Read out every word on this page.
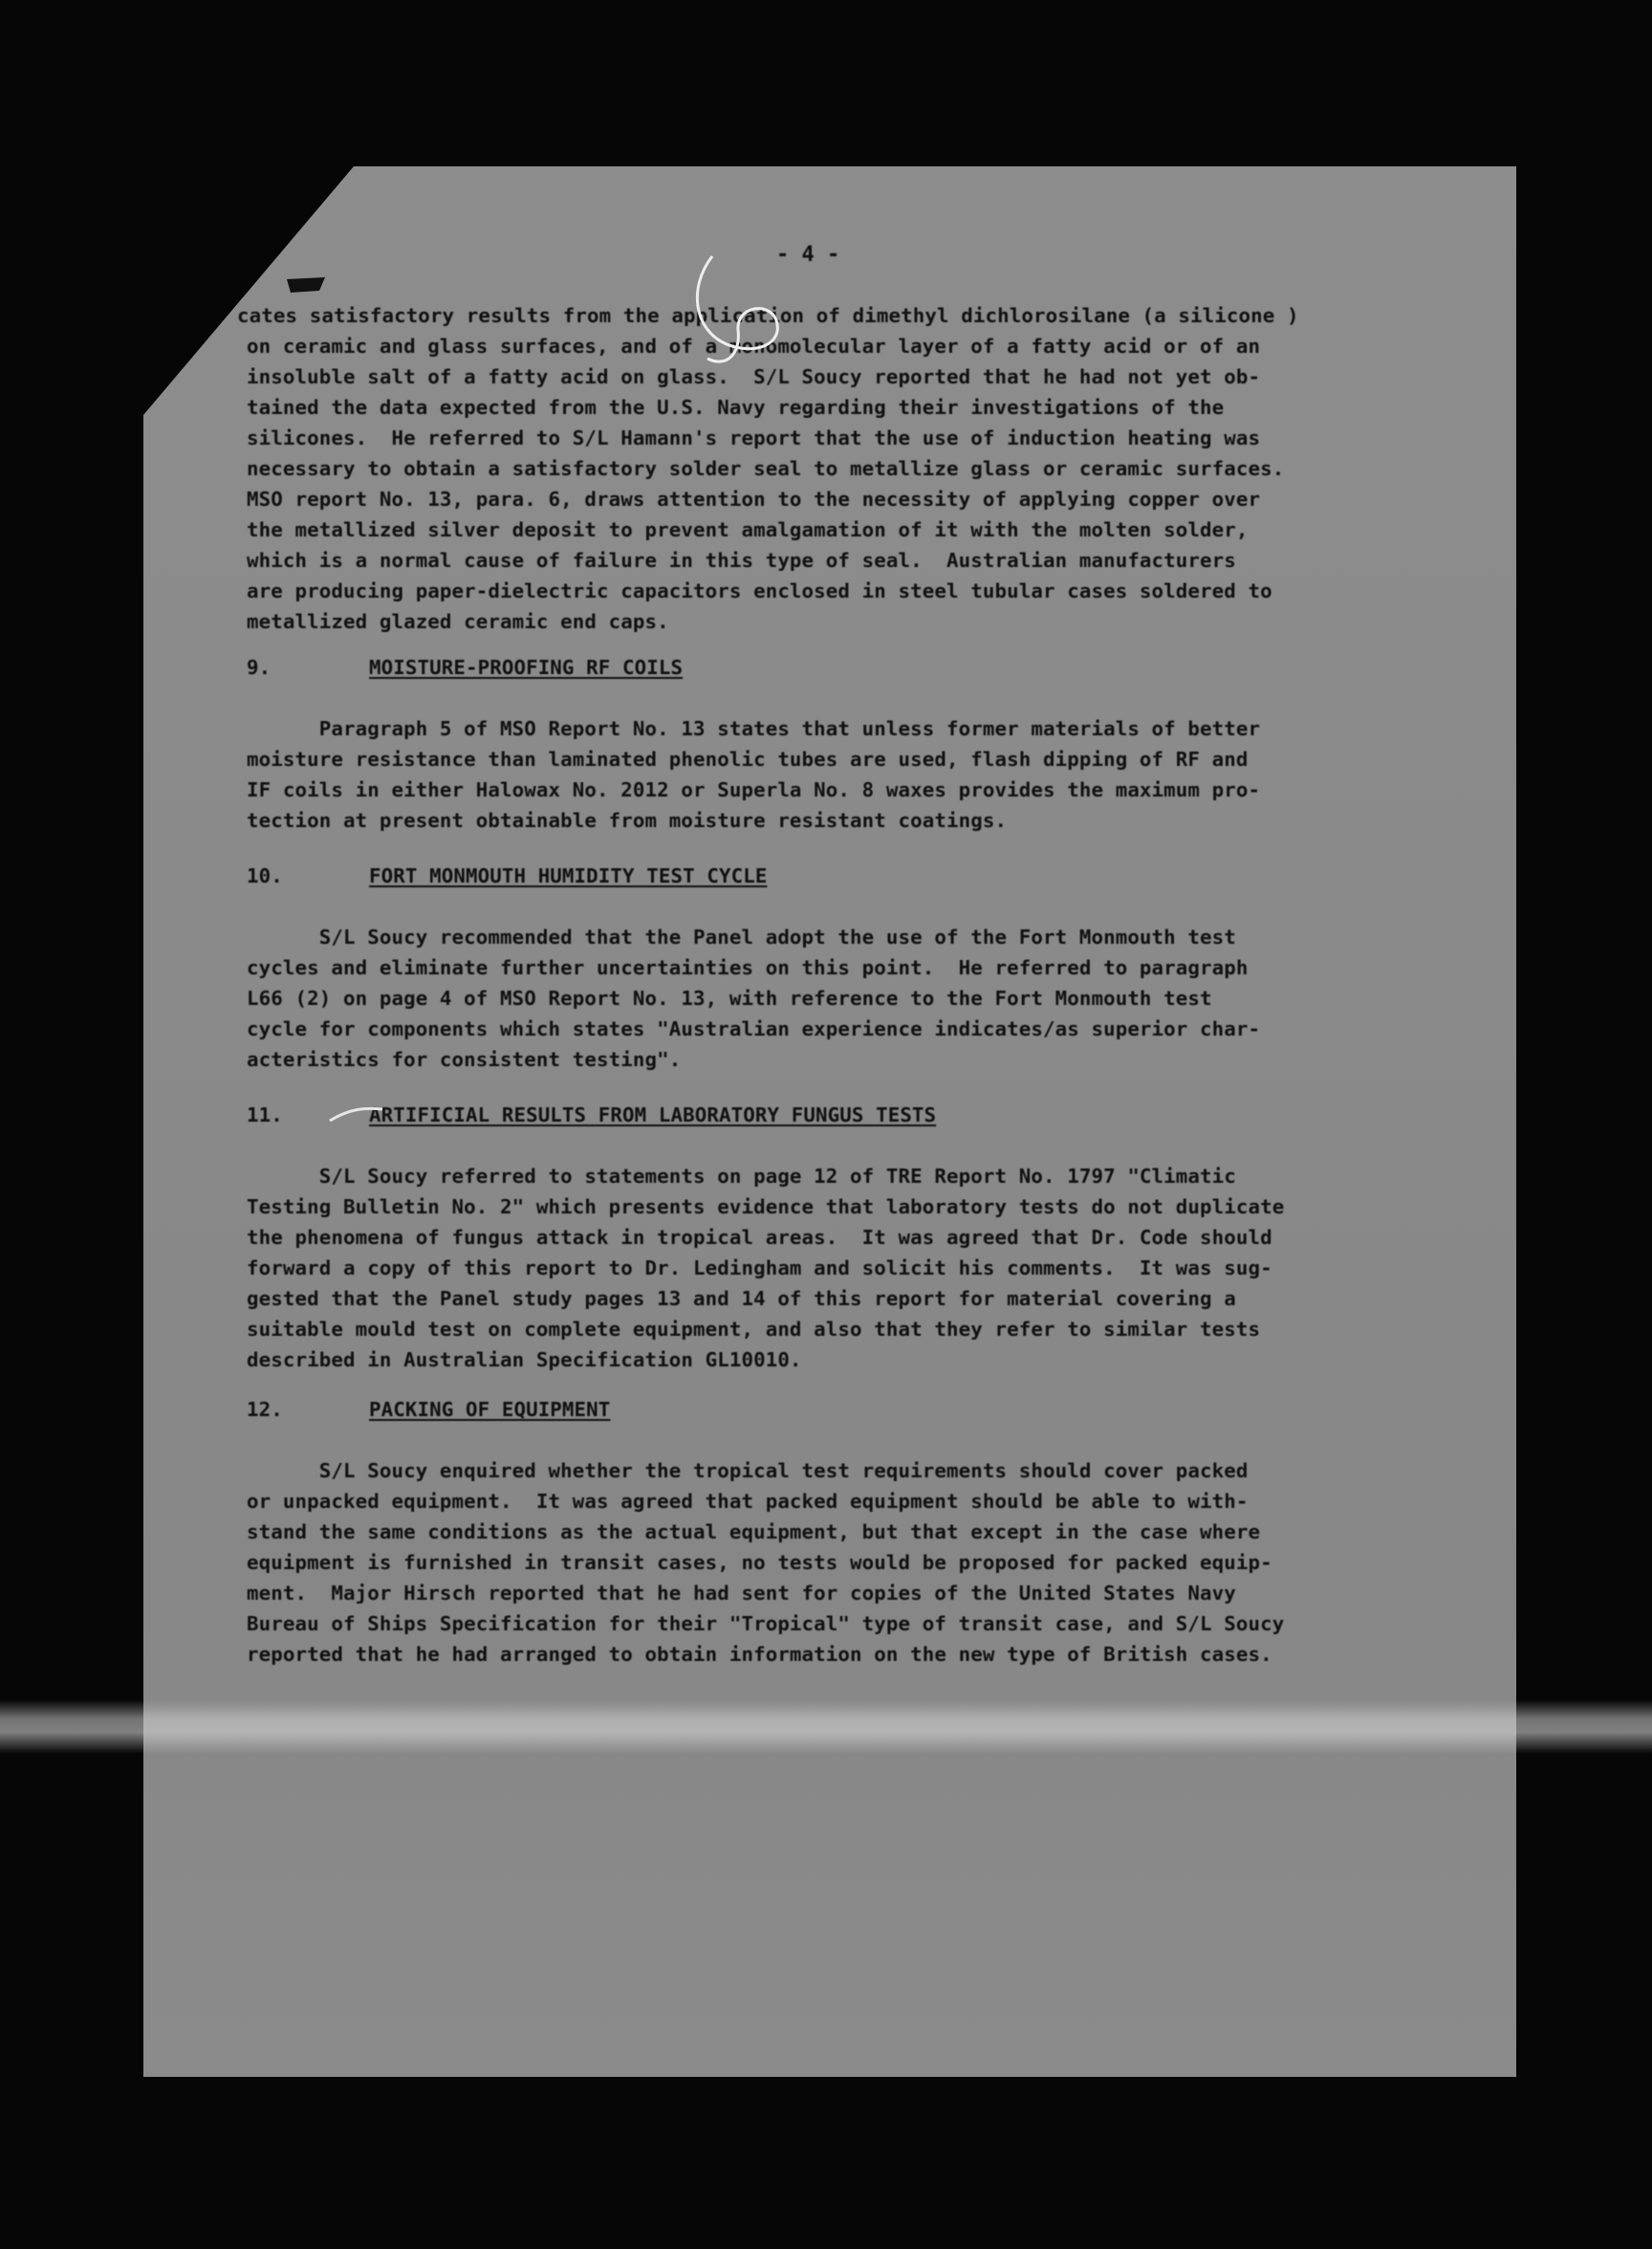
- 4 -
cates satisfactory results from the application of dimethyl dichlorosilane (a silicone )
on ceramic and glass surfaces, and of a monomolecular layer of a fatty acid or of an
insoluble salt of a fatty acid on glass.  S/L Soucy reported that he had not yet ob-
tained the data expected from the U.S. Navy regarding their investigations of the
silicones.  He referred to S/L Hamann's report that the use of induction heating was
necessary to obtain a satisfactory solder seal to metallize glass or ceramic surfaces.
MSO report No. 13, para. 6, draws attention to the necessity of applying copper over
the metallized silver deposit to prevent amalgamation of it with the molten solder,
which is a normal cause of failure in this type of seal.  Australian manufacturers
are producing paper-dielectric capacitors enclosed in steel tubular cases soldered to
metallized glazed ceramic end caps.
9.	MOISTURE-PROOFING RF COILS
Paragraph 5 of MSO Report No. 13 states that unless former materials of better
moisture resistance than laminated phenolic tubes are used, flash dipping of RF and
IF coils in either Halowax No. 2012 or Superla No. 8 waxes provides the maximum pro-
tection at present obtainable from moisture resistant coatings.
10.	FORT MONMOUTH HUMIDITY TEST CYCLE
S/L Soucy recommended that the Panel adopt the use of the Fort Monmouth test
cycles and eliminate further uncertainties on this point.  He referred to paragraph
L66 (2) on page 4 of MSO Report No. 13, with reference to the Fort Monmouth test
cycle for components which states "Australian experience indicates/as superior char-
acteristics for consistent testing".
11.	ARTIFICIAL RESULTS FROM LABORATORY FUNGUS TESTS
S/L Soucy referred to statements on page 12 of TRE Report No. 1797 "Climatic
Testing Bulletin No. 2" which presents evidence that laboratory tests do not duplicate
the phenomena of fungus attack in tropical areas.  It was agreed that Dr. Code should
forward a copy of this report to Dr. Ledingham and solicit his comments.  It was sug-
gested that the Panel study pages 13 and 14 of this report for material covering a
suitable mould test on complete equipment, and also that they refer to similar tests
described in Australian Specification GL10010.
12.	PACKING OF EQUIPMENT
S/L Soucy enquired whether the tropical test requirements should cover packed
or unpacked equipment.  It was agreed that packed equipment should be able to with-
stand the same conditions as the actual equipment, but that except in the case where
equipment is furnished in transit cases, no tests would be proposed for packed equip-
ment.  Major Hirsch reported that he had sent for copies of the United States Navy
Bureau of Ships Specification for their "Tropical" type of transit case, and S/L Soucy
reported that he had arranged to obtain information on the new type of British cases.
